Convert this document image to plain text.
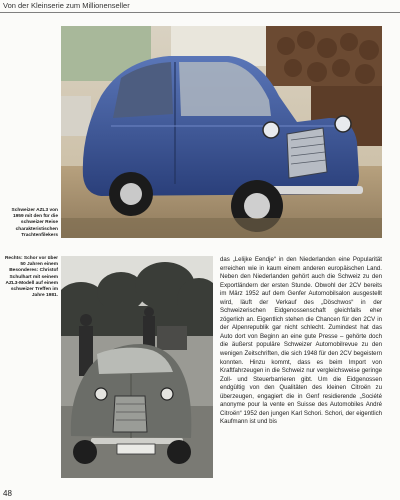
Von der Kleinserie zum Millionenseller
Schweizer AZL3 von 1959 mit den für die schweizer Reise charakteristischen Trachtenfilekers
Rechts: Schor vor über 50 Jahren einem Besonderes: Christof Schulhart mit seinem AZL3-Modell auf einem schweizer Treffen im Jahre 1981.

das „Lelijke Eendje“ in den Niederlanden eine Popularität erreichen wie in kaum einem anderen europäischen Land. Neben den Niederlanden gehört auch die Schweiz zu den Exportländern der ersten Stunde. Obwohl der 2CV bereits im März 1952 auf dem Genfer Automobilsalon ausgestellt wird, läuft der Verkauf des „Döschwos“ in der Schweizerischen Eidgenossenschaft gleichfalls eher zögerlich an. Eigentlich stehen die Chancen für den 2CV in der Alpenrepublik gar nicht schlecht. Zumindest hat das Auto dort von Beginn an eine gute Presse – gehörte doch die äußerst populäre Schweizer Automobilrevue zu den wenigen Zeitschriften, die sich 1948 für den 2CV begeistern konnten. Hinzu kommt, dass es beim Import von Kraftfahrzeugen in die Schweiz nur vergleichsweise geringe Zoll- und Steuerbarrieren gibt. Um die Eidgenossen endgültig von den Qualitäten des kleinen Citroën zu überzeugen, engagiert die in Genf residierende „Société anonyme pour la vente en Suisse des Automobiles André Citroën“ 1952 den jungen Karl Schori. Schori, der eigentlich Kaufmann ist und bis

48
